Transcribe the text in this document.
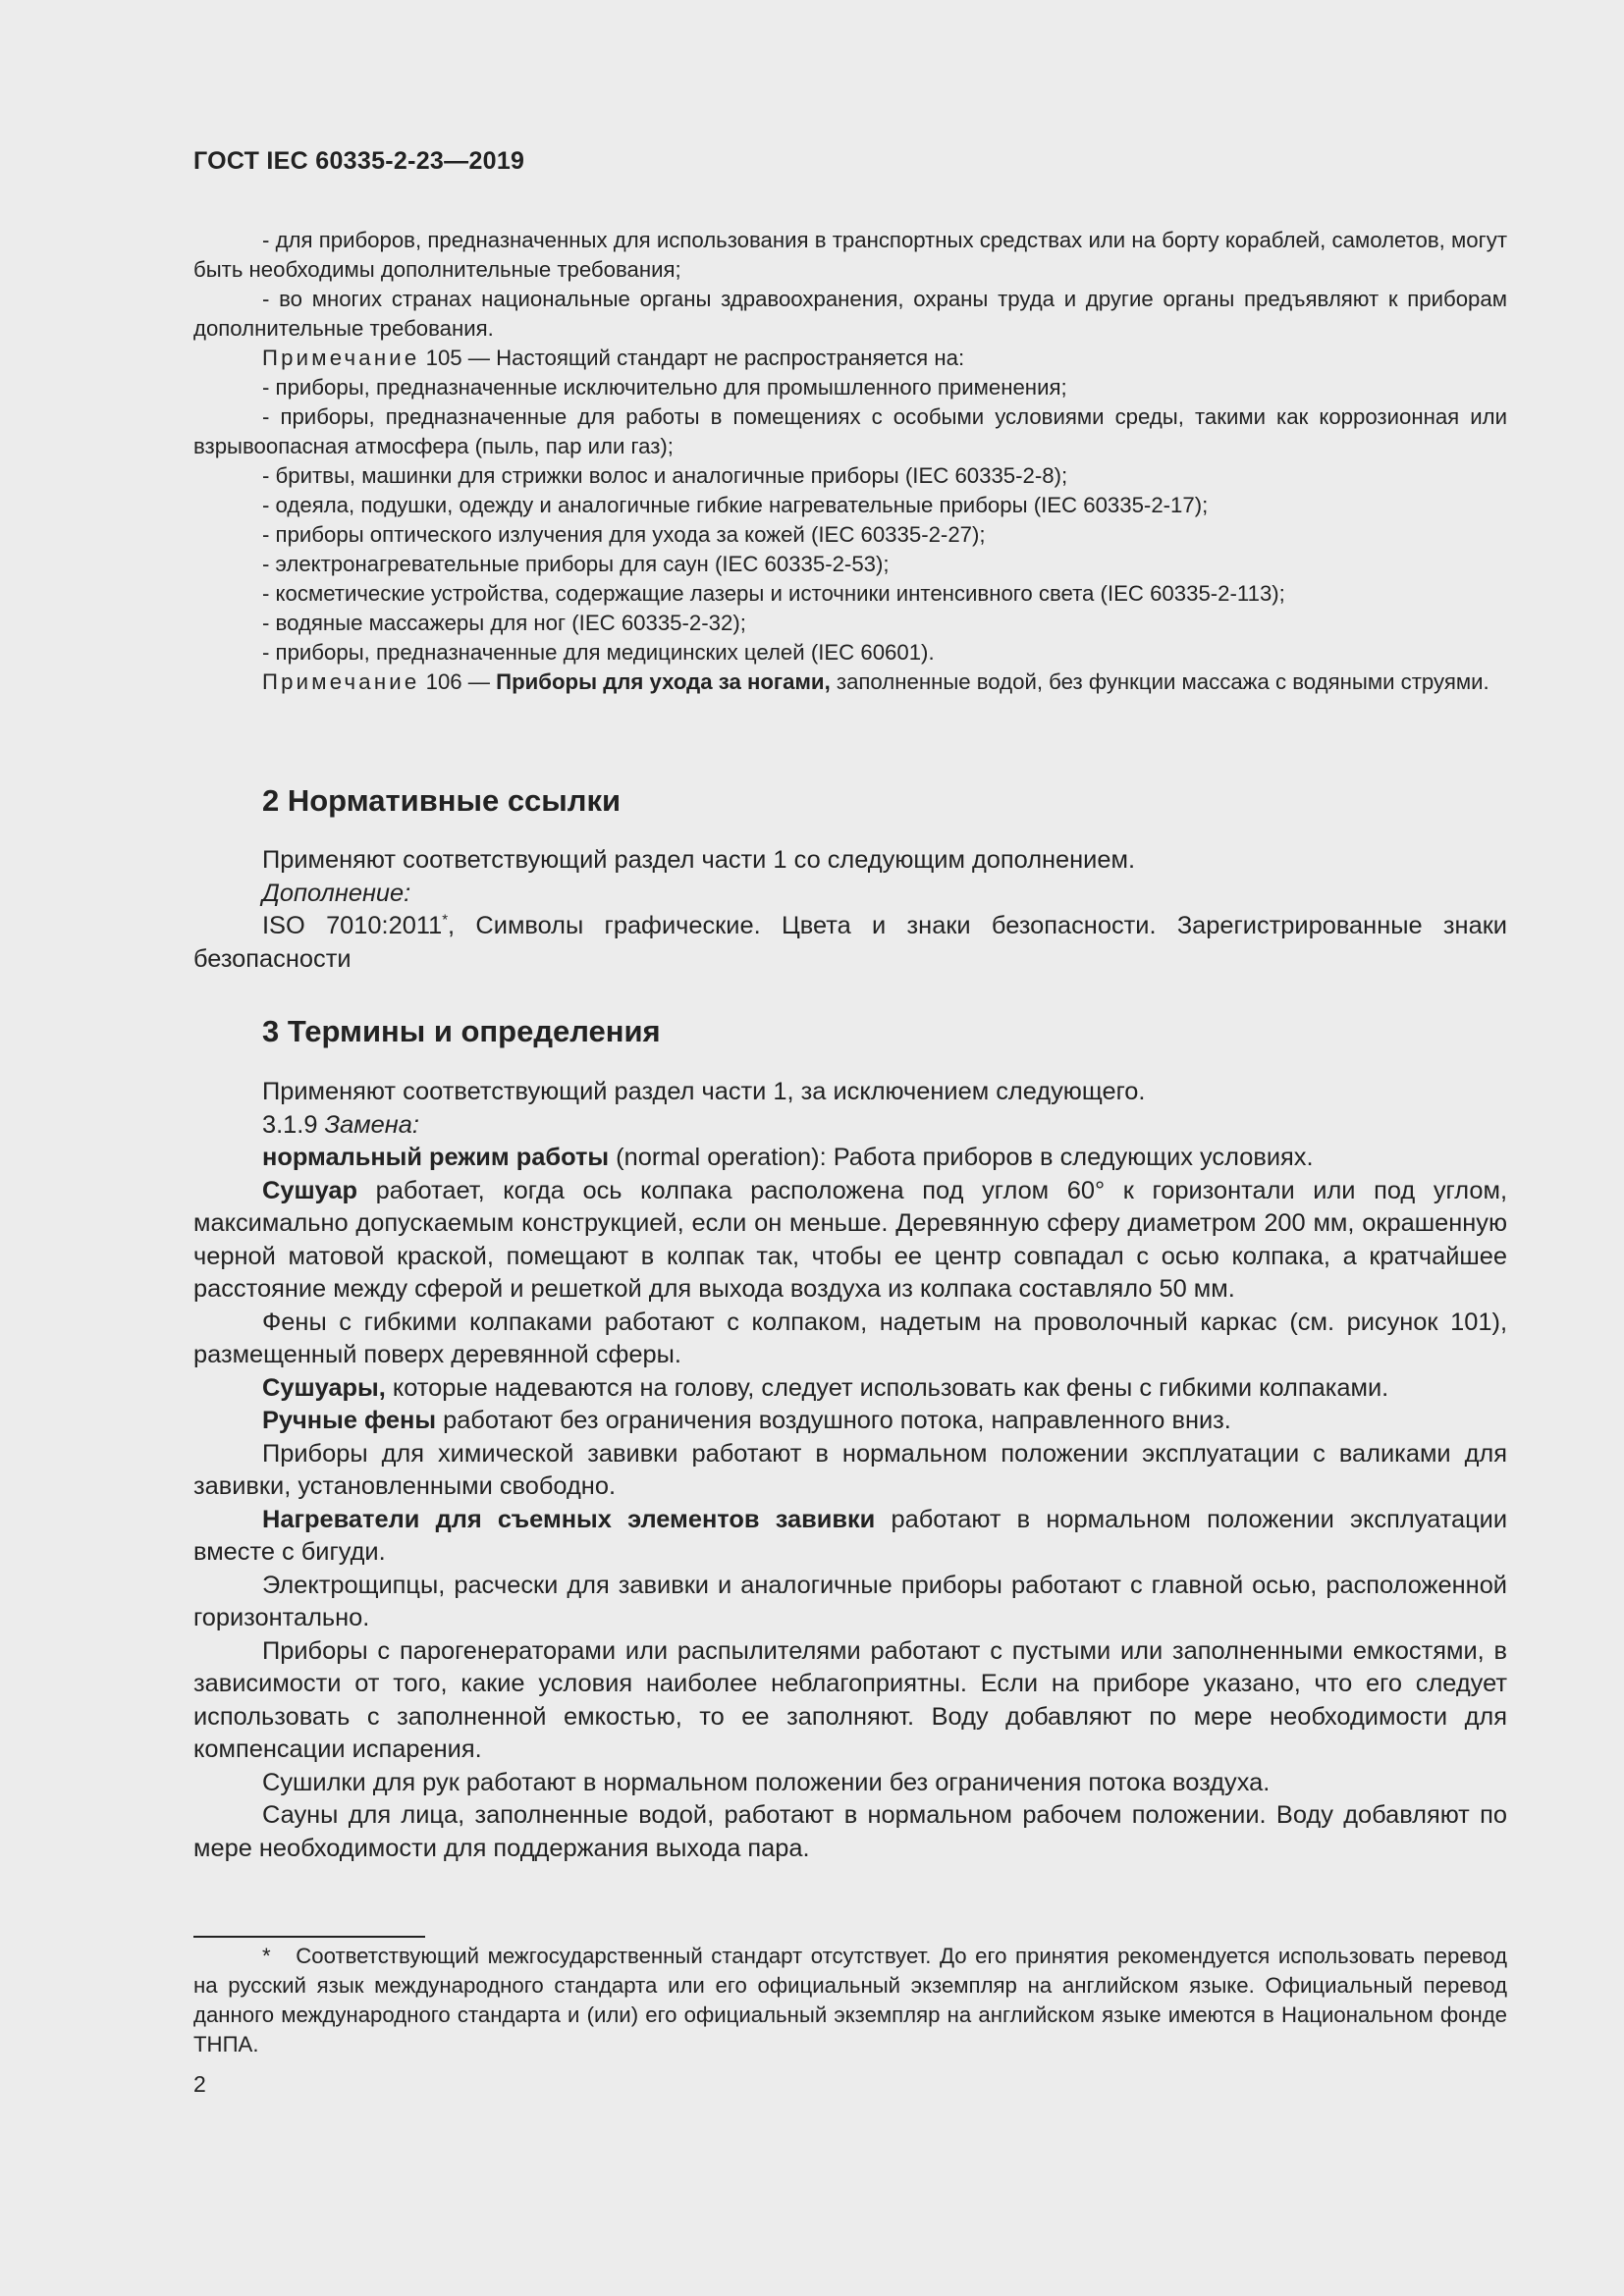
ГОСТ IEC 60335-2-23—2019

- для приборов, предназначенных для использования в транспортных средствах или на борту кораблей, самолетов, могут быть необходимы дополнительные требования;

- во многих странах национальные органы здравоохранения, охраны труда и другие органы предъявляют к приборам дополнительные требования.

Примечание 105 — Настоящий стандарт не распространяется на:

- приборы, предназначенные исключительно для промышленного применения;

- приборы, предназначенные для работы в помещениях с особыми условиями среды, такими как коррозионная или взрывоопасная атмосфера (пыль, пар или газ);

- бритвы, машинки для стрижки волос и аналогичные приборы (IEC 60335-2-8);

- одеяла, подушки, одежду и аналогичные гибкие нагревательные приборы (IEC 60335-2-17);

- приборы оптического излучения для ухода за кожей (IEC 60335-2-27);

- электронагревательные приборы для саун (IEC 60335-2-53);

- косметические устройства, содержащие лазеры и источники интенсивного света (IEC 60335-2-113);

- водяные массажеры для ног (IEC 60335-2-32);

- приборы, предназначенные для медицинских целей (IEC 60601).

Примечание 106 — Приборы для ухода за ногами, заполненные водой, без функции массажа с водяными струями.

2 Нормативные ссылки

Применяют соответствующий раздел части 1 со следующим дополнением.

Дополнение:

ISO 7010:2011*, Символы графические. Цвета и знаки безопасности. Зарегистрированные знаки безопасности

3 Термины и определения

Применяют соответствующий раздел части 1, за исключением следующего.

3.1.9 Замена:

нормальный режим работы (normal operation): Работа приборов в следующих условиях.

Сушуар работает, когда ось колпака расположена под углом 60° к горизонтали или под углом, максимально допускаемым конструкцией, если он меньше. Деревянную сферу диаметром 200 мм, окрашенную черной матовой краской, помещают в колпак так, чтобы ее центр совпадал с осью колпака, а кратчайшее расстояние между сферой и решеткой для выхода воздуха из колпака составляло 50 мм.

Фены с гибкими колпаками работают с колпаком, надетым на проволочный каркас (см. рисунок 101), размещенный поверх деревянной сферы.

Сушуары, которые надеваются на голову, следует использовать как фены с гибкими колпаками.

Ручные фены работают без ограничения воздушного потока, направленного вниз.

Приборы для химической завивки работают в нормальном положении эксплуатации с валиками для завивки, установленными свободно.

Нагреватели для съемных элементов завивки работают в нормальном положении эксплуатации вместе с бигуди.

Электрощипцы, расчески для завивки и аналогичные приборы работают с главной осью, расположенной горизонтально.

Приборы с парогенераторами или распылителями работают с пустыми или заполненными емкостями, в зависимости от того, какие условия наиболее неблагоприятны. Если на приборе указано, что его следует использовать с заполненной емкостью, то ее заполняют. Воду добавляют по мере необходимости для компенсации испарения.

Сушилки для рук работают в нормальном положении без ограничения потока воздуха.

Сауны для лица, заполненные водой, работают в нормальном рабочем положении. Воду добавляют по мере необходимости для поддержания выхода пара.

* Соответствующий межгосударственный стандарт отсутствует. До его принятия рекомендуется использовать перевод на русский язык международного стандарта или его официальный экземпляр на английском языке. Официальный перевод данного международного стандарта и (или) его официальный экземпляр на английском языке имеются в Национальном фонде ТНПА.

2
